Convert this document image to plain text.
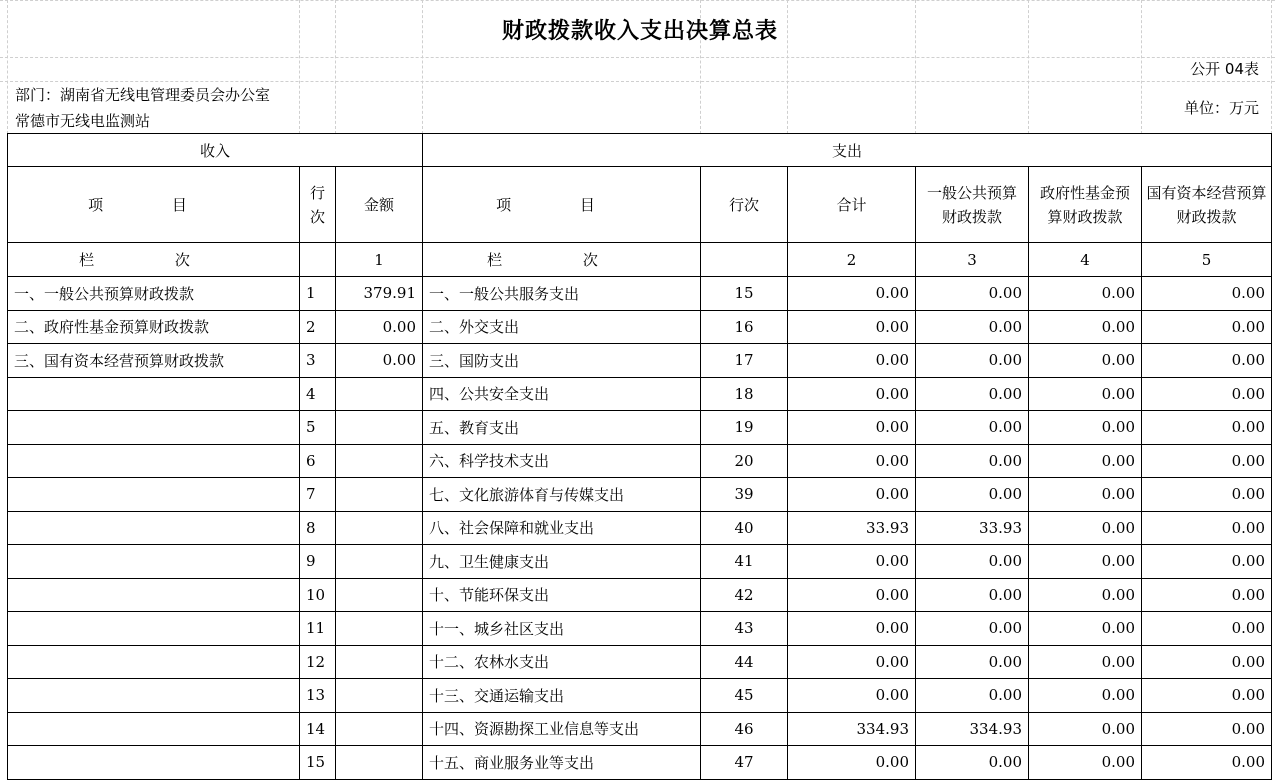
财政拨款收入支出决算总表
公开 04表
部门：湖南省无线电管理委员会办公室
常德市无线电监测站
单位：万元
收入			支出					
项 目	行次	金额	项 目	行次	合计	一般公共预算财政拨款	政府性基金预算财政拨款	国有资本经营预算财政拨款
栏 次		1	栏 次		2	3	4	5
一、一般公共预算财政拨款	1	379.91	一、一般公共服务支出	15	0.00	0.00	0.00	0.00
二、政府性基金预算财政拨款	2	0.00	二、外交支出	16	0.00	0.00	0.00	0.00
三、国有资本经营预算财政拨款	3	0.00	三、国防支出	17	0.00	0.00	0.00	0.00
	4		四、公共安全支出	18	0.00	0.00	0.00	0.00
	5		五、教育支出	19	0.00	0.00	0.00	0.00
	6		六、科学技术支出	20	0.00	0.00	0.00	0.00
	7		七、文化旅游体育与传媒支出	39	0.00	0.00	0.00	0.00
	8		八、社会保障和就业支出	40	33.93	33.93	0.00	0.00
	9		九、卫生健康支出	41	0.00	0.00	0.00	0.00
	10		十、节能环保支出	42	0.00	0.00	0.00	0.00
	11		十一、城乡社区支出	43	0.00	0.00	0.00	0.00
	12		十二、农林水支出	44	0.00	0.00	0.00	0.00
	13		十三、交通运输支出	45	0.00	0.00	0.00	0.00
	14		十四、资源勘探工业信息等支出	46	334.93	334.93	0.00	0.00
	15		十五、商业服务业等支出	47	0.00	0.00	0.00	0.00
